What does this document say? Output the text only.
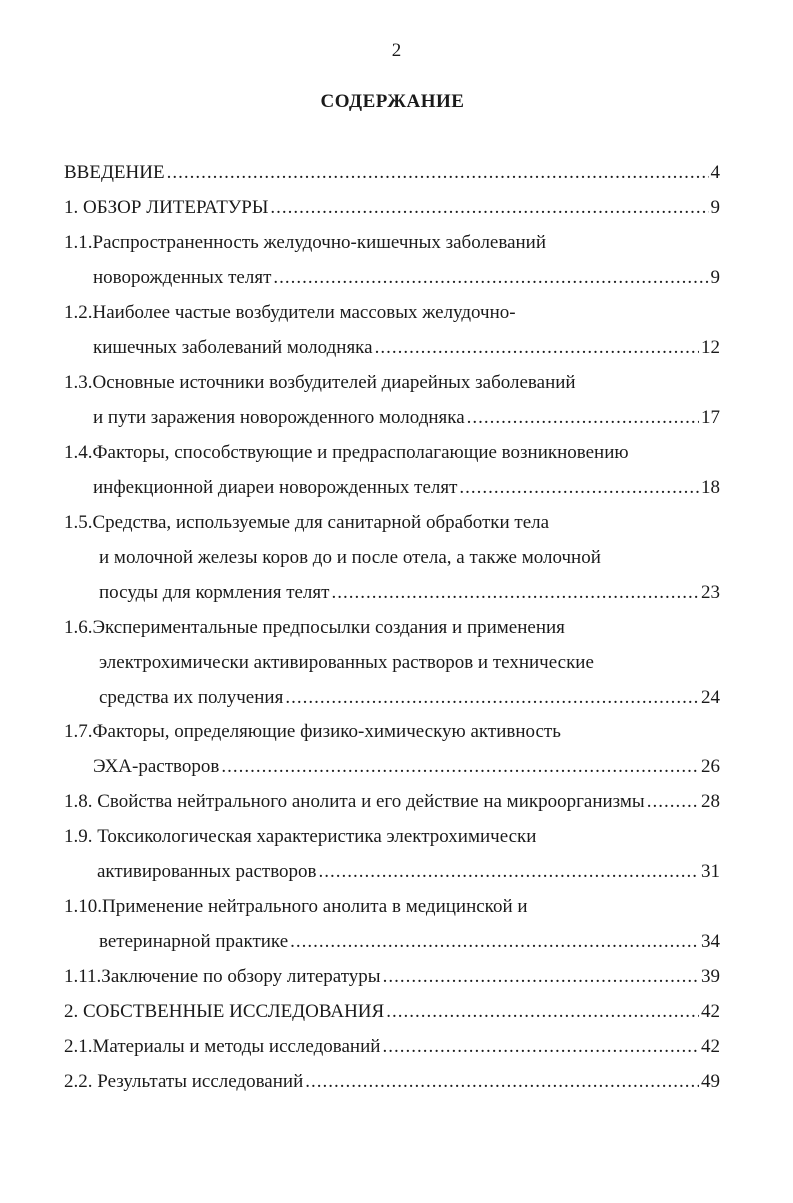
2
СОДЕРЖАНИЕ
ВВЕДЕНИЕ .....	4
1. ОБЗОР ЛИТЕРАТУРЫ .....	9
1.1.Распространенность желудочно-кишечных заболеваний
новорожденных телят .....	9
1.2.Наиболее частые возбудители массовых желудочно-
кишечных заболеваний молодняка .....	12
1.3.Основные источники возбудителей диарейных заболеваний
и пути заражения новорожденного молодняка .....	17
1.4.Факторы, способствующие и предрасполагающие возникновению
инфекционной диареи новорожденных телят .....	18
1.5.Средства, используемые для санитарной обработки тела
и молочной железы коров до и после отела, а также молочной
посуды для кормления телят .....	23
1.6.Экспериментальные предпосылки создания и применения
электрохимически активированных растворов и технические
средства их получения .....	24
1.7.Факторы, определяющие физико-химическую активность
ЭХА-растворов .....	26
1.8. Свойства нейтрального анолита и его действие на микроорганизмы .....	28
1.9. Токсикологическая характеристика электрохимически
активированных растворов .....	31
1.10.Применение нейтрального анолита в медицинской и
ветеринарной практике .....	34
1.11.Заключение по обзору литературы .....	39
2. СОБСТВЕННЫЕ ИССЛЕДОВАНИЯ .....	42
2.1.Материалы и методы исследований .....	42
2.2. Результаты исследований .....	49
